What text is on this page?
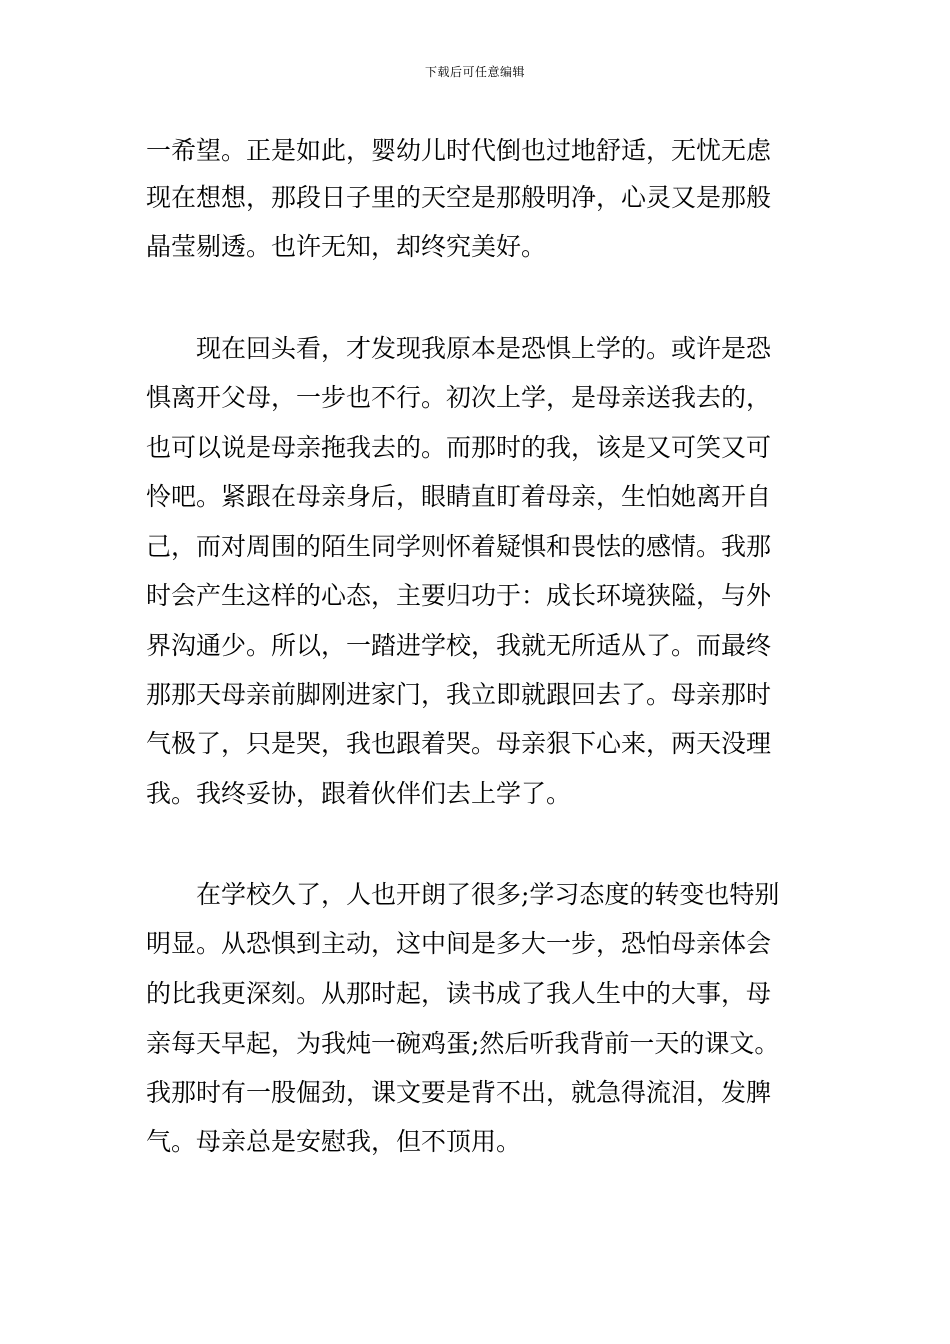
下载后可任意编辑
一希望。正是如此，婴幼儿时代倒也过地舒适，无忧无虑
现在想想，那段日子里的天空是那般明净，心灵又是那般
晶莹剔透。也许无知，却终究美好。
现在回头看，才发现我原本是恐惧上学的。或许是恐
惧离开父母，一步也不行。初次上学，是母亲送我去的，
也可以说是母亲拖我去的。而那时的我，该是又可笑又可
怜吧。紧跟在母亲身后，眼睛直盯着母亲，生怕她离开自
己，而对周围的陌生同学则怀着疑惧和畏怯的感情。我那
时会产生这样的心态，主要归功于：成长环境狭隘，与外
界沟通少。所以，一踏进学校，我就无所适从了。而最终
那那天母亲前脚刚进家门，我立即就跟回去了。母亲那时
气极了，只是哭，我也跟着哭。母亲狠下心来，两天没理
我。我终妥协，跟着伙伴们去上学了。
在学校久了，人也开朗了很多;学习态度的转变也特别
明显。从恐惧到主动，这中间是多大一步，恐怕母亲体会
的比我更深刻。从那时起，读书成了我人生中的大事，母
亲每天早起，为我炖一碗鸡蛋;然后听我背前一天的课文。
我那时有一股倔劲，课文要是背不出，就急得流泪，发脾
气。母亲总是安慰我，但不顶用。
